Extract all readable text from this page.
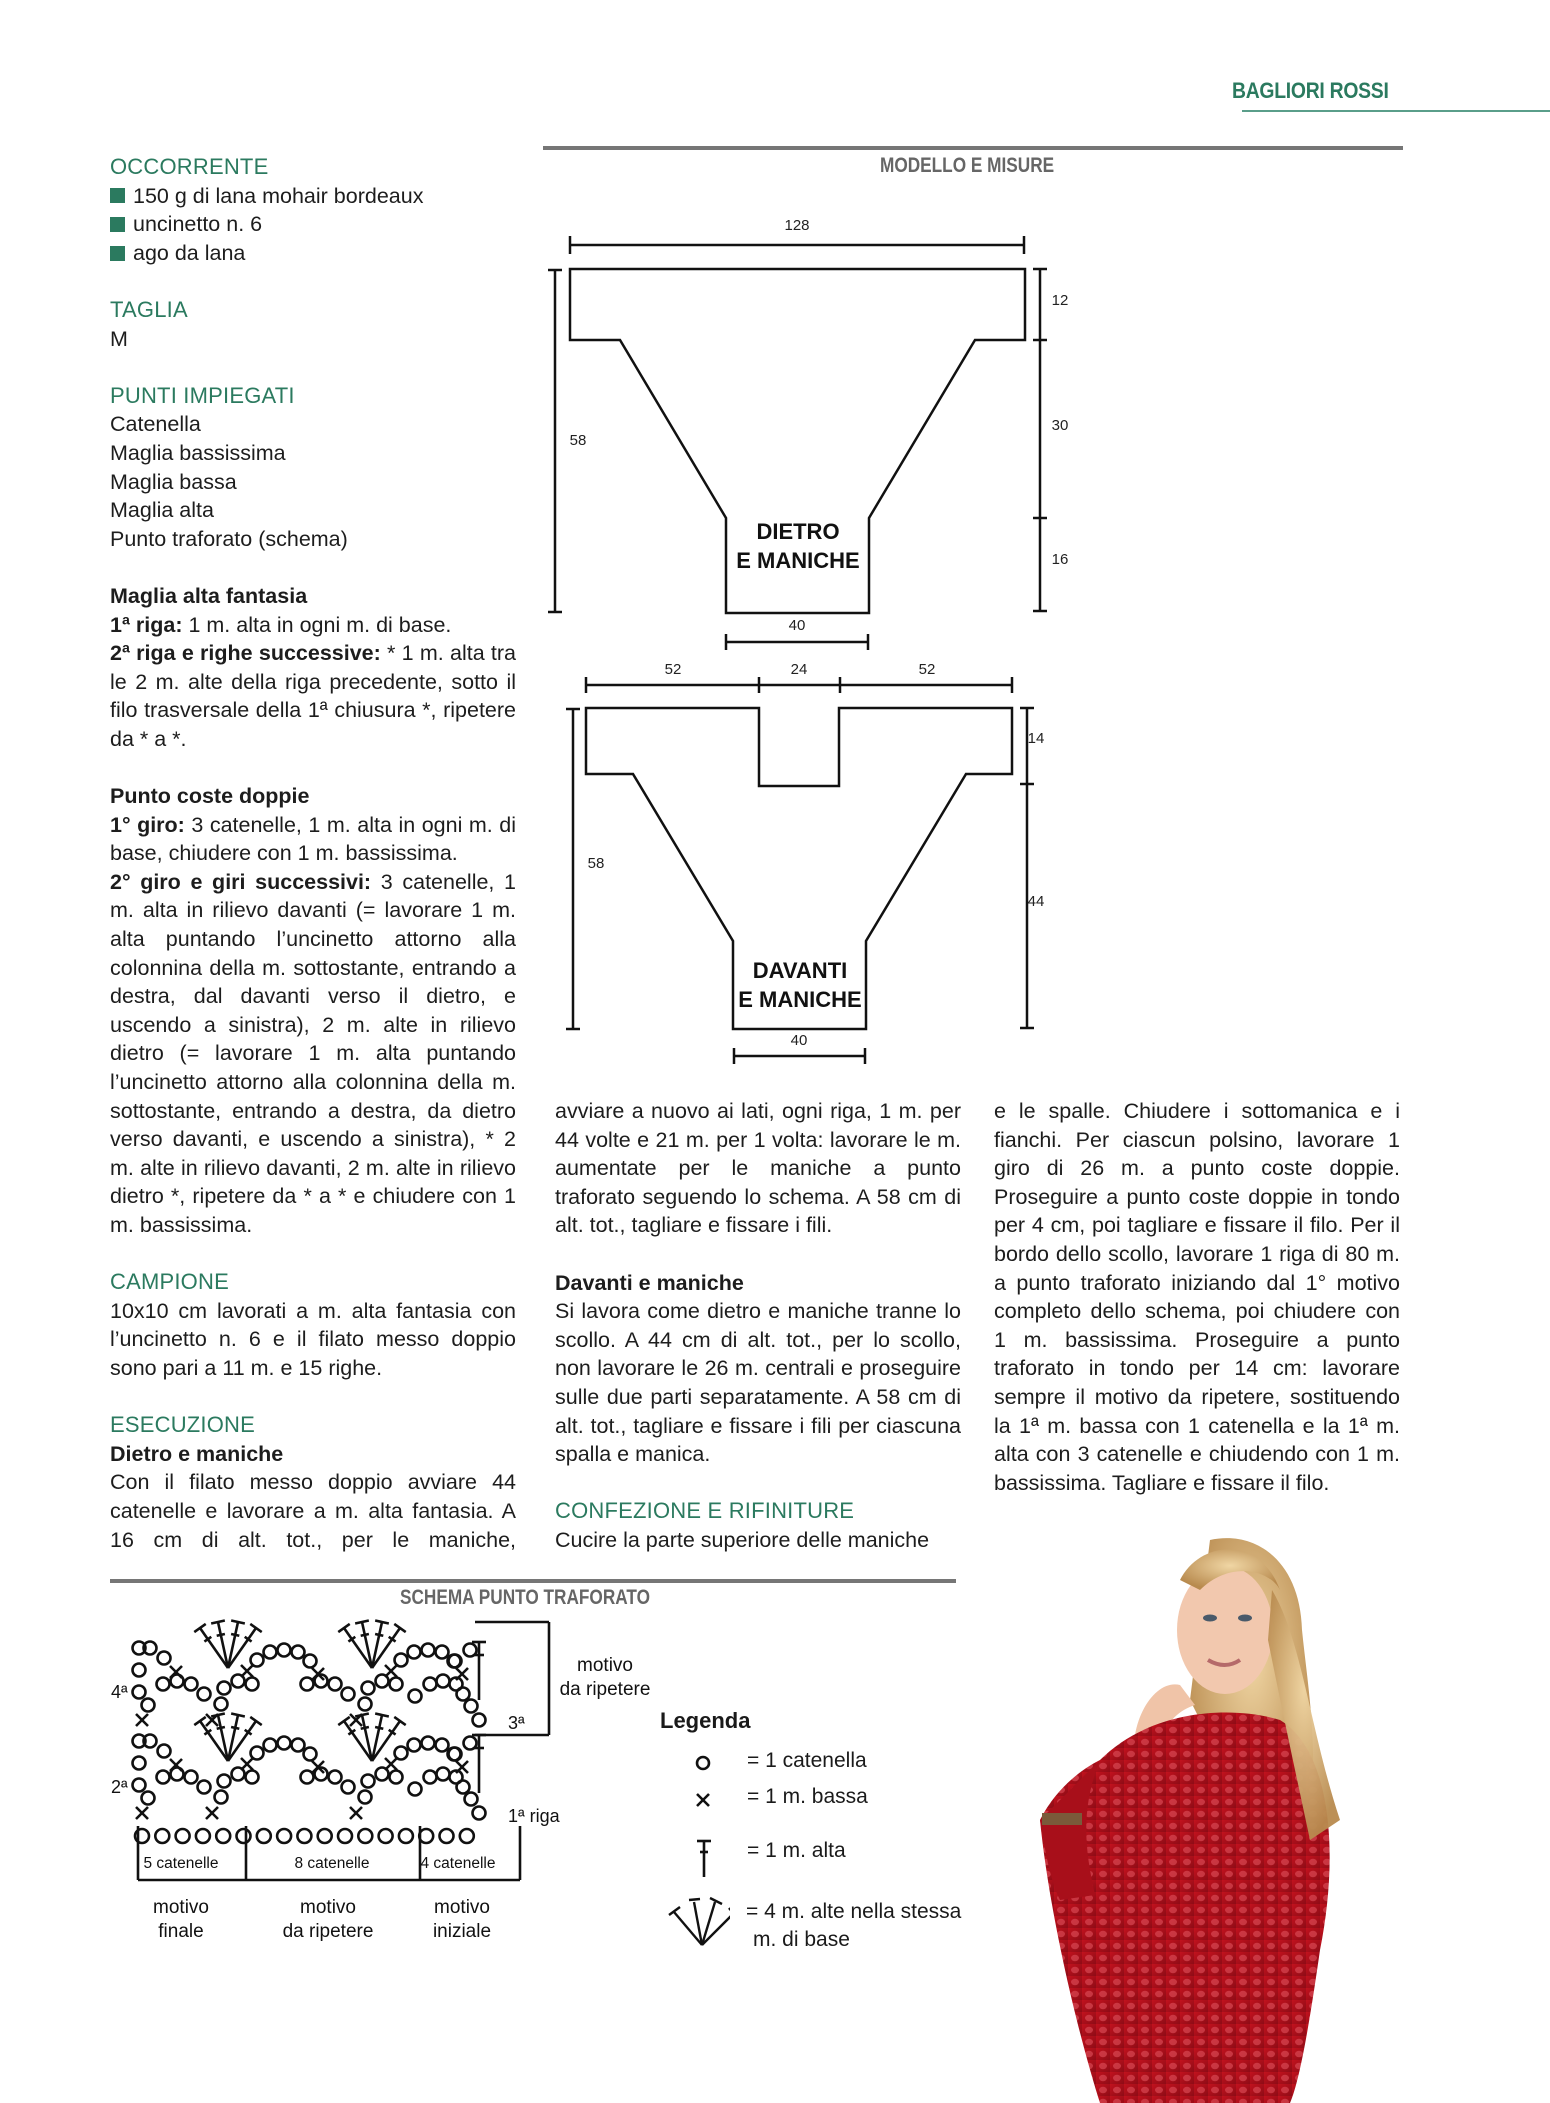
BAGLIORI ROSSI

OCCORRENTE

150 g di lana mohair bordeaux
uncinetto n. 6
ago da lana

TAGLIA

M

PUNTI IMPIEGATI

Catenella

Maglia bassissima

Maglia bassa

Maglia alta

Punto traforato (schema)

Maglia alta fantasia

1ª riga: 1 m. alta in ogni m. di base.

2ª riga e righe successive: * 1 m. alta tra le 2 m. alte della riga precedente, sotto il filo trasversale della 1ª chiusura *, ripetere da * a *.

Punto coste doppie

1° giro: 3 catenelle, 1 m. alta in ogni m. di base, chiudere con 1 m. bassissima.

2° giro e giri successivi: 3 catenelle, 1 m. alta in rilievo davanti (= lavorare 1 m. alta puntando l’uncinetto attorno alla colonnina della m. sottostante, entrando a destra, dal davanti verso il dietro, e uscendo a sinistra), 2 m. alte in rilievo dietro (= lavorare 1 m. alta puntando l’uncinetto attorno alla colonnina della m. sottostante, entrando a destra, da dietro verso davanti, e uscendo a sinistra), * 2 m. alte in rilievo davanti, 2 m. alte in rilievo dietro *, ripetere da * a * e chiudere con 1 m. bassissima.

CAMPIONE

10x10 cm lavorati a m. alta fantasia con l’uncinetto n. 6 e il filato messo doppio sono pari a 11 m. e 15 righe.

ESECUZIONE

Dietro e maniche

Con il filato messo doppio avviare 44 catenelle e lavorare a m. alta fantasia. A 16 cm di alt. tot., per le maniche,

avviare a nuovo ai lati, ogni riga, 1 m. per 44 volte e 21 m. per 1 volta: lavorare le m. aumentate per le maniche a punto traforato seguendo lo schema. A 58 cm di alt. tot., tagliare e fissare i fili.

Davanti e maniche

Si lavora come dietro e maniche tranne lo scollo. A 44 cm di alt. tot., per lo scollo, non lavorare le 26 m. centrali e proseguire sulle due parti separatamente. A 58 cm di alt. tot., tagliare e fissare i fili per ciascuna spalla e manica.

CONFEZIONE E RIFINITURE

Cucire la parte superiore delle maniche

e le spalle. Chiudere i sottomanica e i fianchi. Per ciascun polsino, lavorare 1 giro di 26 m. a punto coste doppie. Proseguire a punto coste doppie in tondo per 4 cm, poi tagliare e fissare il filo. Per il bordo dello scollo, lavorare 1 riga di 80 m. a punto traforato iniziando dal 1° motivo completo dello schema, poi chiudere con 1 m. bassissima. Proseguire a punto traforato in tondo per 14 cm: lavorare sempre il motivo da ripetere, sostituendo la 1ª m. bassa con 1 catenella e la 1ª m. alta con 3 catenelle e chiudendo con 1 m. bassissima. Tagliare e fissare il filo.

MODELLO E MISURE
128
58
12
30
16
40
52	24	52
58
14
44
40
DIETRO
E MANICHE
DAVANTI
E MANICHE
SCHEMA PUNTO TRAFORATO
4ª
2ª
3ª
1ª riga
motivo
da ripetere
5 catenelle	8 catenelle	4 catenelle
motivo
finale
motivo
da ripetere
motivo
iniziale
Legenda
= 1 catenella
= 1 m. bassa
= 1 m. alta
= 4 m. alte nella stessa
m. di base
